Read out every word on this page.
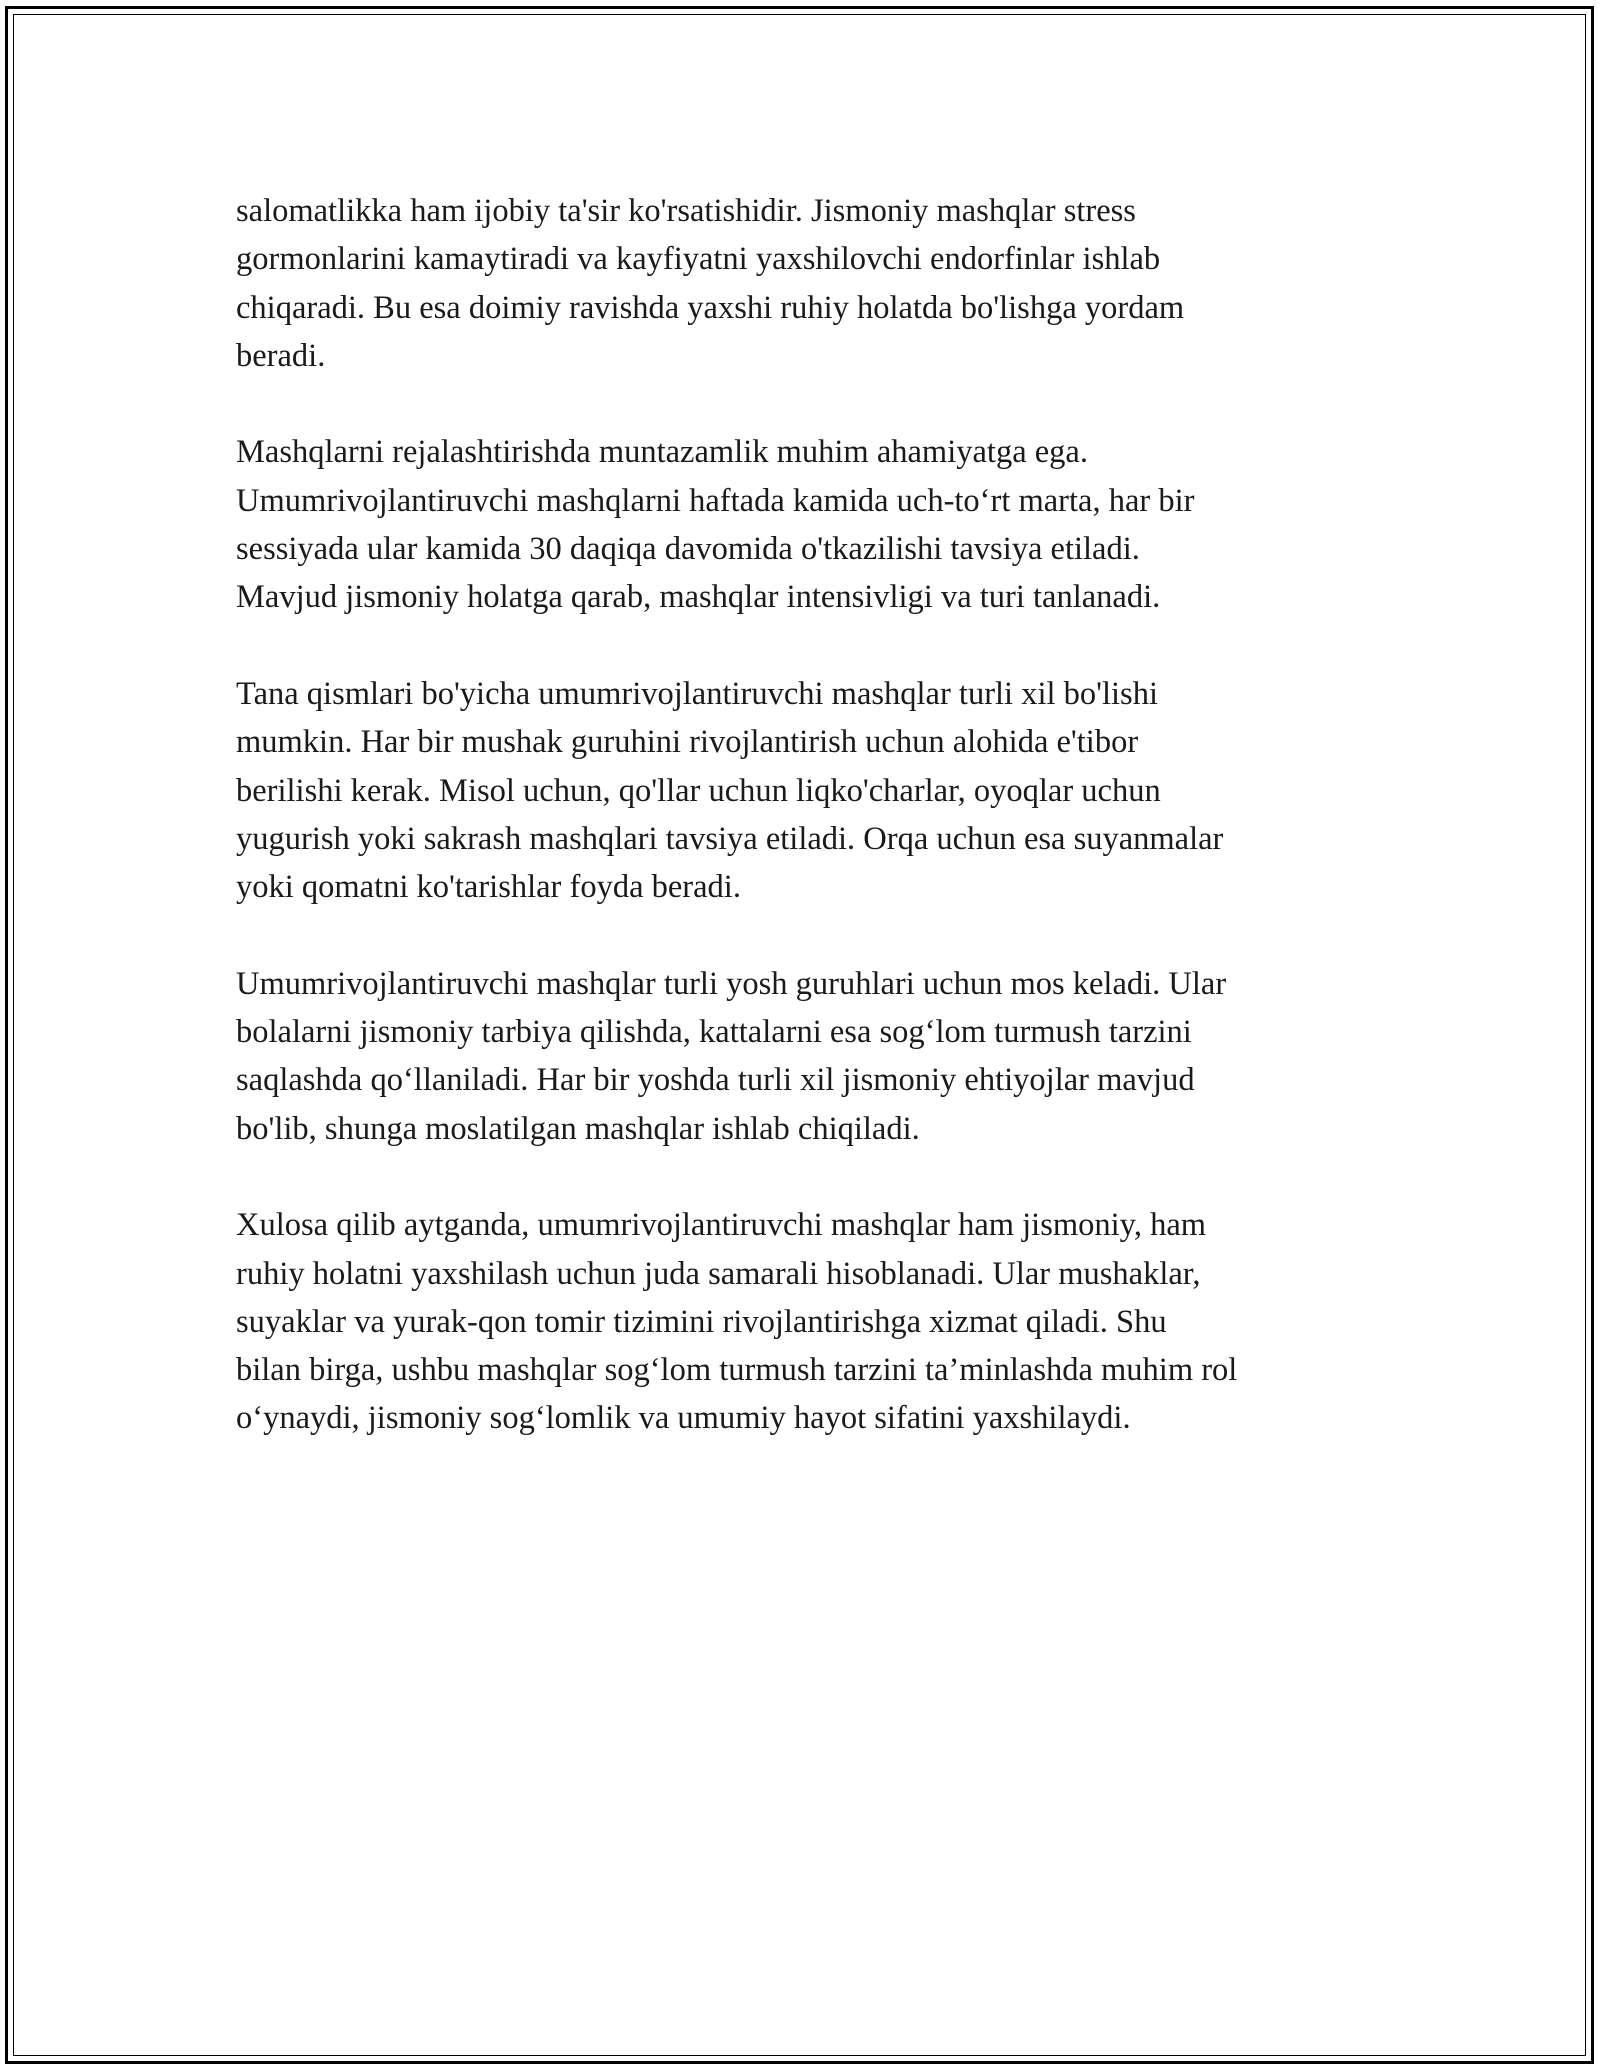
salomatlikka ham ijobiy ta'sir ko'rsatishidir. Jismoniy mashqlar stress
gormonlarini kamaytiradi va kayfiyatni yaxshilovchi endorfinlar ishlab
chiqaradi. Bu esa doimiy ravishda yaxshi ruhiy holatda bo'lishga yordam
beradi.

Mashqlarni rejalashtirishda muntazamlik muhim ahamiyatga ega.
Umumrivojlantiruvchi mashqlarni haftada kamida uch-to‘rt marta, har bir
sessiyada ular kamida 30 daqiqa davomida o'tkazilishi tavsiya etiladi.
Mavjud jismoniy holatga qarab, mashqlar intensivligi va turi tanlanadi.

Tana qismlari bo'yicha umumrivojlantiruvchi mashqlar turli xil bo'lishi
mumkin. Har bir mushak guruhini rivojlantirish uchun alohida e'tibor
berilishi kerak. Misol uchun, qo'llar uchun liqko'charlar, oyoqlar uchun
yugurish yoki sakrash mashqlari tavsiya etiladi. Orqa uchun esa suyanmalar
yoki qomatni ko'tarishlar foyda beradi.

Umumrivojlantiruvchi mashqlar turli yosh guruhlari uchun mos keladi. Ular
bolalarni jismoniy tarbiya qilishda, kattalarni esa sog‘lom turmush tarzini
saqlashda qo‘llaniladi. Har bir yoshda turli xil jismoniy ehtiyojlar mavjud
bo'lib, shunga moslatilgan mashqlar ishlab chiqiladi.

Xulosa qilib aytganda, umumrivojlantiruvchi mashqlar ham jismoniy, ham
ruhiy holatni yaxshilash uchun juda samarali hisoblanadi. Ular mushaklar,
suyaklar va yurak-qon tomir tizimini rivojlantirishga xizmat qiladi. Shu
bilan birga, ushbu mashqlar sog‘lom turmush tarzini ta’minlashda muhim rol
o‘ynaydi, jismoniy sog‘lomlik va umumiy hayot sifatini yaxshilaydi.
